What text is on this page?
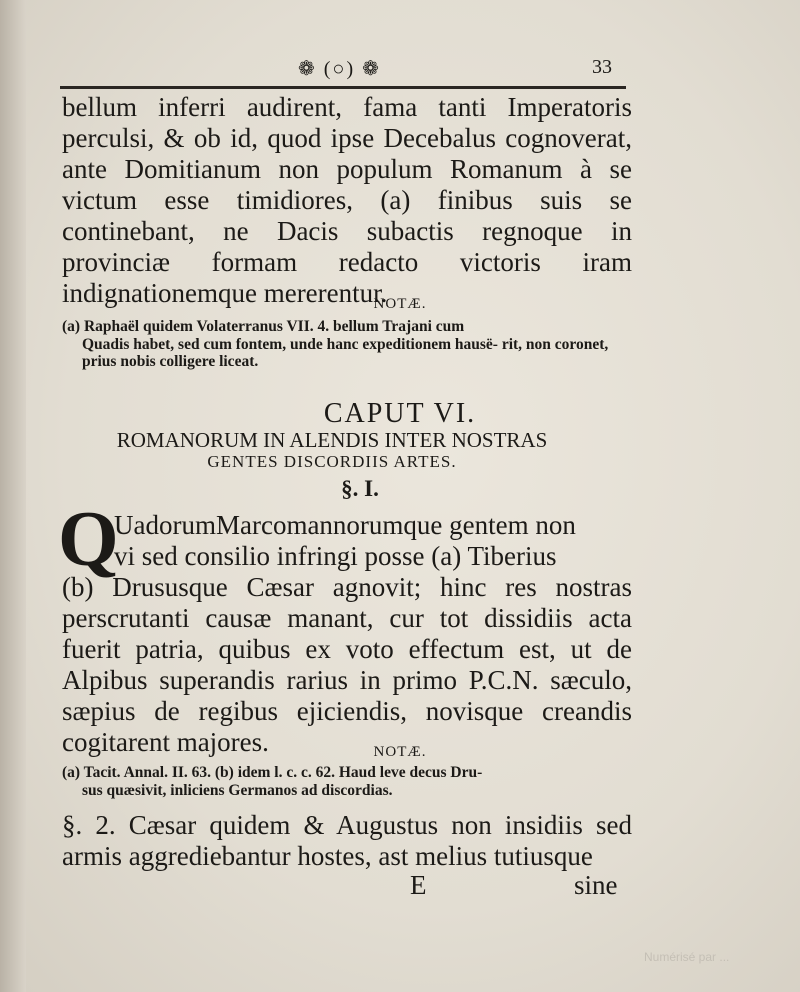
❁ (○) ❁	33

bellum inferri audirent, fama tanti Imperatoris perculsi, & ob id, quod ipse Decebalus cognoverat, ante Domitianum non populum Romanum à se victum esse timidiores, (a) finibus suis se continebant, ne Dacis subactis regnoque in provinciæ formam redacto victoris iram indignationemque mererentur.

NOTÆ.
(a) Raphaël quidem Volaterranus VII. 4. bellum Trajani cum
Quadis habet, sed cum fontem, unde hanc expeditionem hausë- rit, non coronet, prius nobis colligere liceat.
CAPUT VI.
ROMANORUM IN ALENDIS INTER NOSTRAS
GENTES DISCORDIIS ARTES.
§. I.
Q

UadorumMarcomannorumque gentem non
vi sed consilio infringi posse (a) Tiberius
(b) Drususque Cæsar agnovit; hinc res nostras perscrutanti causæ manant, cur tot dissidiis acta fuerit patria, quibus ex voto effectum est, ut de Alpibus superandis rarius in primo P.C.N. sæculo, sæpius de regibus ejiciendis, novisque creandis cogitarent majores.	NOTÆ.
(a) Tacit. Annal. II. 63. (b) idem l. c. c. 62. Haud leve decus Dru-
sus quæsivit, inliciens Germanos ad discordias.

§. 2. Cæsar quidem & Augustus non insidiis sed armis aggrediebantur hostes, ast melius tutiusque

E	sine
Numérisé par ...
